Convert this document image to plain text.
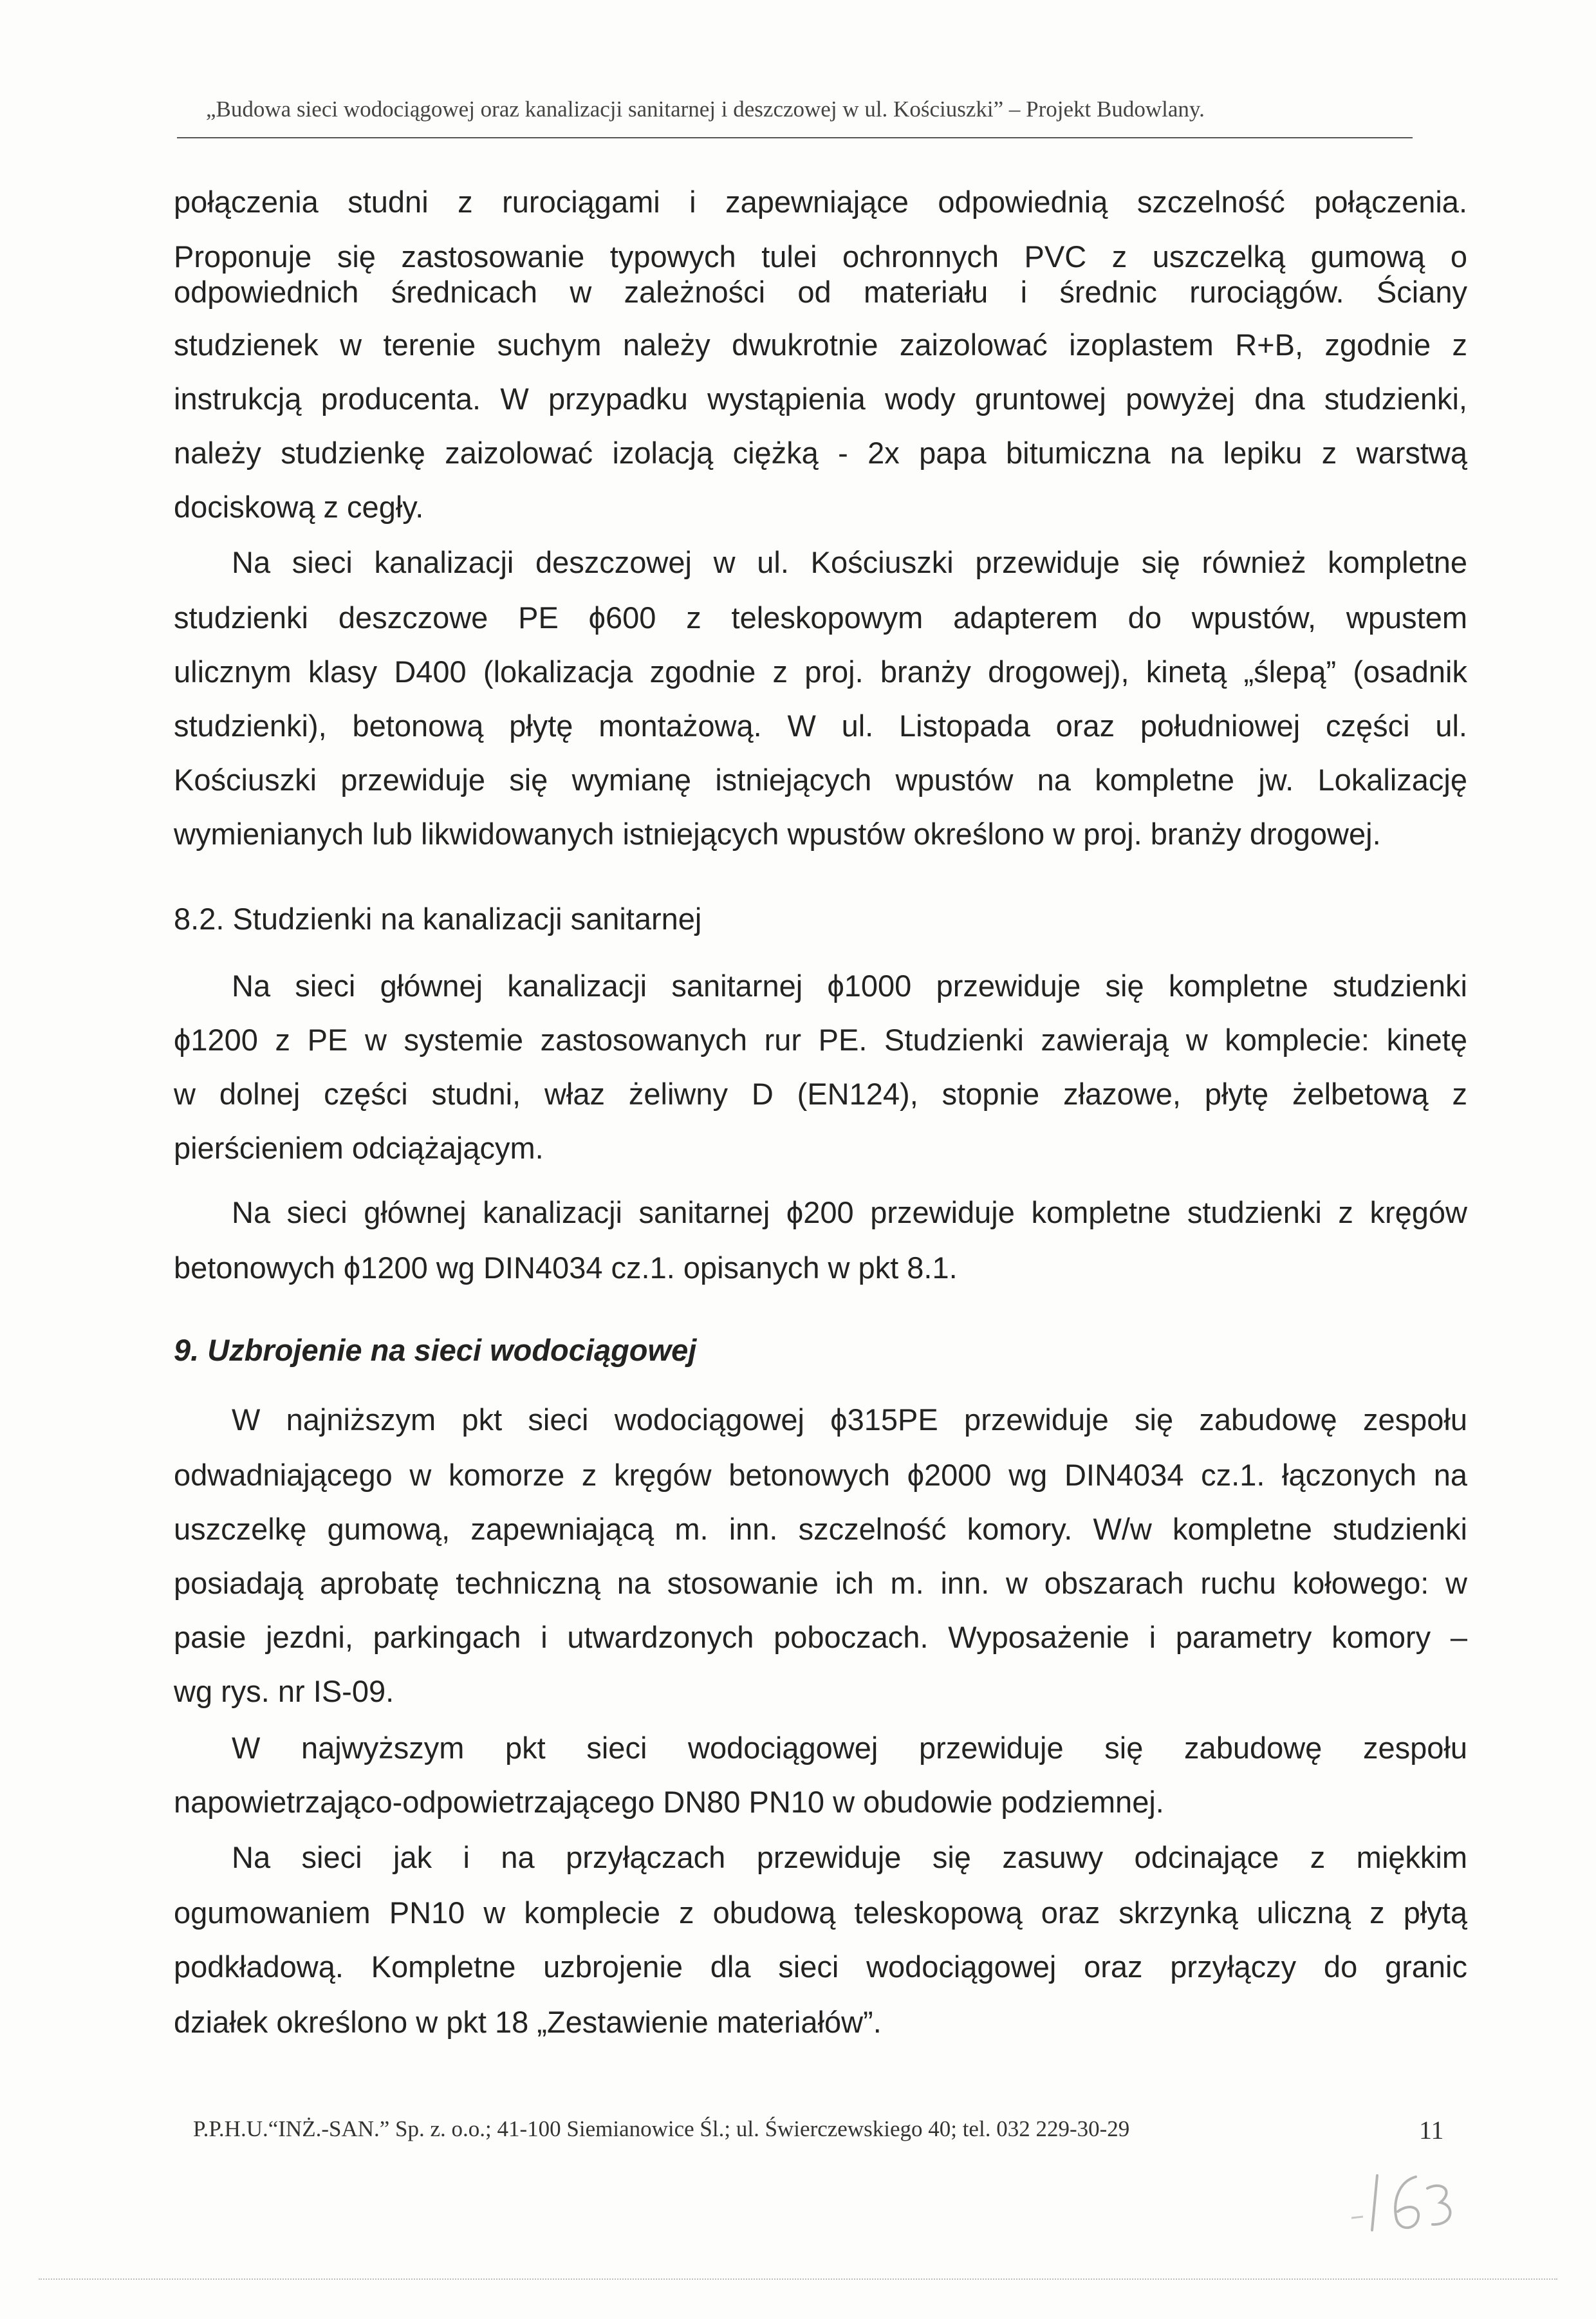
„Budowa sieci wodociągowej oraz kanalizacji sanitarnej i deszczowej w ul. Kościuszki” – Projekt Budowlany.
połączenia studni z rurociągami i zapewniające odpowiednią szczelność połączenia.
Proponuje się zastosowanie typowych tulei ochronnych PVC z uszczelką gumową o
odpowiednich średnicach w zależności od materiału i średnic rurociągów. Ściany
studzienek w terenie suchym należy dwukrotnie zaizolować izoplastem R+B, zgodnie z
instrukcją producenta. W przypadku wystąpienia wody gruntowej powyżej dna studzienki,
należy studzienkę zaizolować izolacją ciężką - 2x papa bitumiczna na lepiku z warstwą
dociskową z cegły.
Na sieci kanalizacji deszczowej w ul. Kościuszki przewiduje się również kompletne
studzienki deszczowe PE ϕ600 z teleskopowym adapterem do wpustów, wpustem
ulicznym klasy D400 (lokalizacja zgodnie z proj. branży drogowej), kinetą „ślepą” (osadnik
studzienki), betonową płytę montażową. W ul. Listopada oraz południowej części ul.
Kościuszki przewiduje się wymianę istniejących wpustów na kompletne jw. Lokalizację
wymienianych lub likwidowanych istniejących wpustów określono w proj. branży drogowej.
8.2. Studzienki na kanalizacji sanitarnej
Na sieci głównej kanalizacji sanitarnej ϕ1000 przewiduje się kompletne studzienki
ϕ1200 z PE w systemie zastosowanych rur PE. Studzienki zawierają w komplecie: kinetę
w dolnej części studni, właz żeliwny D (EN124), stopnie złazowe, płytę żelbetową z
pierścieniem odciążającym.
Na sieci głównej kanalizacji sanitarnej ϕ200 przewiduje kompletne studzienki z kręgów
betonowych ϕ1200 wg DIN4034 cz.1. opisanych w pkt 8.1.
9. Uzbrojenie na sieci wodociągowej
W najniższym pkt sieci wodociągowej ϕ315PE przewiduje się zabudowę zespołu
odwadniającego w komorze z kręgów betonowych ϕ2000 wg DIN4034 cz.1. łączonych na
uszczelkę gumową, zapewniającą m. inn. szczelność komory. W/w kompletne studzienki
posiadają aprobatę techniczną na stosowanie ich m. inn. w obszarach ruchu kołowego: w
pasie jezdni, parkingach i utwardzonych poboczach. Wyposażenie i parametry komory –
wg rys. nr IS-09.
W najwyższym pkt sieci wodociągowej przewiduje się zabudowę zespołu
napowietrzająco-odpowietrzającego DN80 PN10 w obudowie podziemnej.
Na sieci jak i na przyłączach przewiduje się zasuwy odcinające z miękkim
ogumowaniem PN10 w komplecie z obudową teleskopową oraz skrzynką uliczną z płytą
podkładową. Kompletne uzbrojenie dla sieci wodociągowej oraz przyłączy do granic
działek określono w pkt 18 „Zestawienie materiałów”.
P.P.H.U.“INŻ.-SAN.” Sp. z. o.o.; 41-100 Siemianowice Śl.; ul. Świerczewskiego 40; tel. 032 229-30-29	11
